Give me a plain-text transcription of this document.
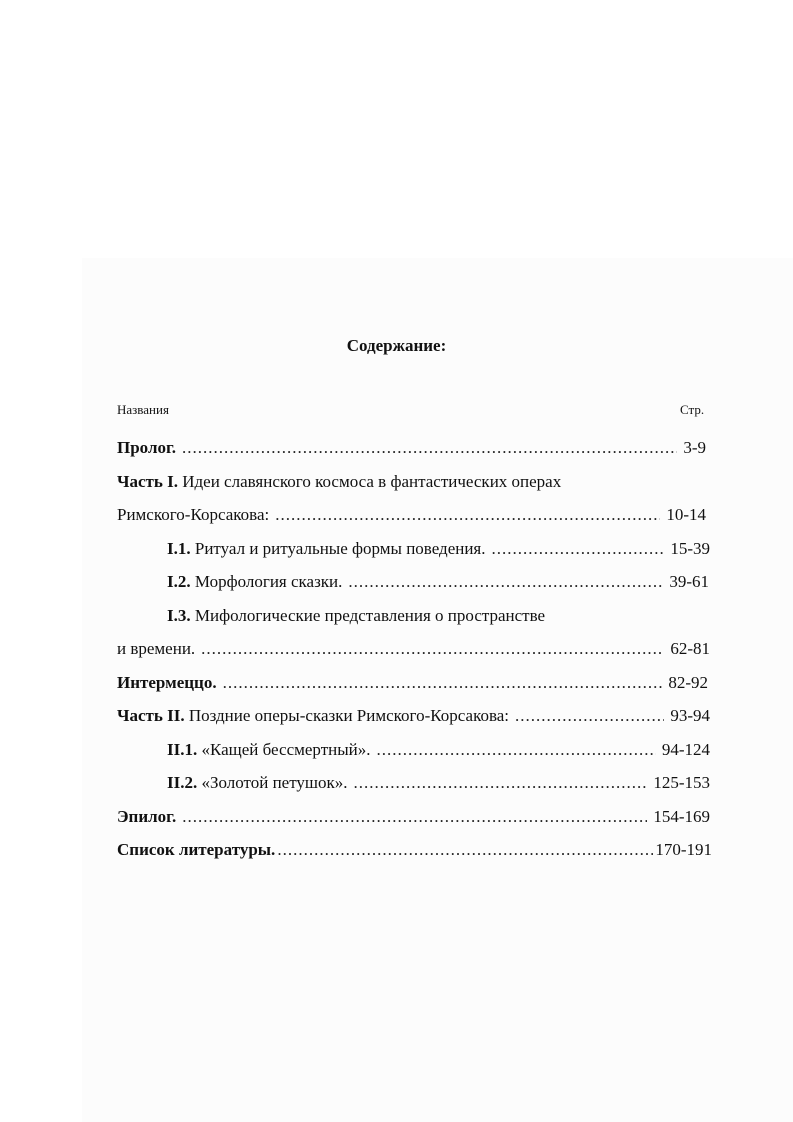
Содержание:
Названия	Стр.
Пролог. .....	3-9
Часть I. Идеи славянского космоса в фантастических операх
Римского-Корсакова: .....	10-14
I.1. Ритуал и ритуальные формы поведения. .....	15-39
I.2. Морфология сказки. .....	39-61
I.3. Мифологические представления о пространстве
и времени. .....	62-81
Интермеццо. .....	82-92
Часть II. Поздние оперы-сказки Римского-Корсакова: .....	93-94
II.1. «Кащей бессмертный». .....	94-124
II.2. «Золотой петушок». .....	125-153
Эпилог. .....	154-169
Список литературы. .....	170-191
